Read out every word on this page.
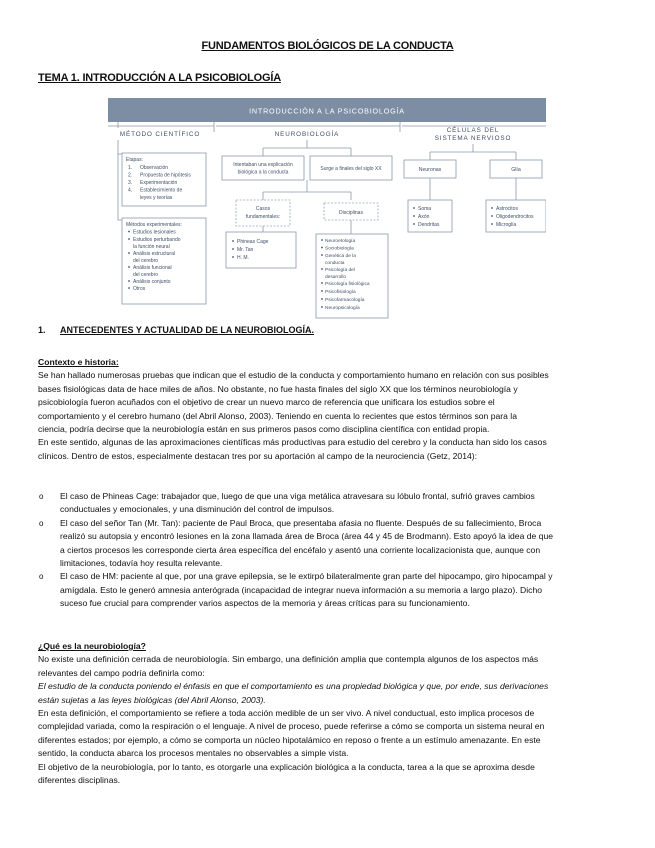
FUNDAMENTOS BIOLÓGICOS DE LA CONDUCTA
TEMA 1. INTRODUCCIÓN A LA PSICOBIOLOGÍA
INTRODUCCIÓN A LA PSICOBIOLOGÍA
MÉTODO CIENTÍFICO	NEUROBIOLOGÍA
CÉLULAS DEL
SISTEMA NERVIOSO
Etapas:
1. Observación
2. Propuesta de hipótesis
3. Experimentación
4. Establecimiento de
leyes y teorías
Métodos experimentales:
Estudios lesionales
Estudios perturbando
la función neural
Análisis estructural
del cerebro
Análisis funcional
del cerebro
Análisis conjunto
Otros
Intentaban una explicación
biológica a la conducta
Surge a finales del siglo XX
Casos
fundamentales:
Disciplinas
Phineas Cage
Mr. Tan
H. M.
Neuroetología
Sociobiología
Genética de la
conducta
Psicología del
desarrollo
Psicología fisiológica
Psicofisiología
Psicofarmacología
Neuropsicología
Neuronas	Glía
Soma
Axón
Dendritas
Astrocitos
Oligodendrocitos
Microglía
1. ANTECEDENTES Y ACTUALIDAD DE LA NEUROBIOLOGÍA.

Contexto e historia:

Se han hallado numerosas pruebas que indican que el estudio de la conducta y comportamiento humano en relación con sus posibles

bases fisiológicas data de hace miles de años. No obstante, no fue hasta finales del siglo XX que los términos neurobiología y

psicobiología fueron acuñados con el objetivo de crear un nuevo marco de referencia que unificara los estudios sobre el

comportamiento y el cerebro humano (del Abril Alonso, 2003). Teniendo en cuenta lo recientes que estos términos son para la

ciencia, podría decirse que la neurobiología están en sus primeros pasos como disciplina científica con entidad propia.

En este sentido, algunas de las aproximaciones científicas más productivas para estudio del cerebro y la conducta han sido los casos

clínicos. Dentro de estos, especialmente destacan tres por su aportación al campo de la neurociencia (Getz, 2014):

o El caso de Phineas Cage: trabajador que, luego de que una viga metálica atravesara su lóbulo frontal, sufrió graves cambios

conductuales y emocionales, y una disminución del control de impulsos.

o El caso del señor Tan (Mr. Tan): paciente de Paul Broca, que presentaba afasia no fluente. Después de su fallecimiento, Broca

realizó su autopsia y encontró lesiones en la zona llamada área de Broca (área 44 y 45 de Brodmann). Esto apoyó la idea de que

a ciertos procesos les corresponde cierta área específica del encéfalo y asentó una corriente localizacionista que, aunque con

limitaciones, todavía hoy resulta relevante.

o El caso de HM: paciente al que, por una grave epilepsia, se le extirpó bilateralmente gran parte del hipocampo, giro hipocampal y

amígdala. Esto le generó amnesia anterógrada (incapacidad de integrar nueva información a su memoria a largo plazo). Dicho

suceso fue crucial para comprender varios aspectos de la memoria y áreas críticas para su funcionamiento.

¿Qué es la neurobiología?

No existe una definición cerrada de neurobiología. Sin embargo, una definición amplia que contempla algunos de los aspectos más

relevantes del campo podría definirla como:

El estudio de la conducta poniendo el énfasis en que el comportamiento es una propiedad biológica y que, por ende, sus derivaciones

están sujetas a las leyes biológicas (del Abril Alonso, 2003).

En esta definición, el comportamiento se refiere a toda acción medible de un ser vivo. A nivel conductual, esto implica procesos de

complejidad variada, como la respiración o el lenguaje. A nivel de proceso, puede referirse a cómo se comporta un sistema neural en

diferentes estados; por ejemplo, a cómo se comporta un núcleo hipotalámico en reposo o frente a un estímulo amenazante. En este

sentido, la conducta abarca los procesos mentales no observables a simple vista.

El objetivo de la neurobiología, por lo tanto, es otorgarle una explicación biológica a la conducta, tarea a la que se aproxima desde

diferentes disciplinas.
